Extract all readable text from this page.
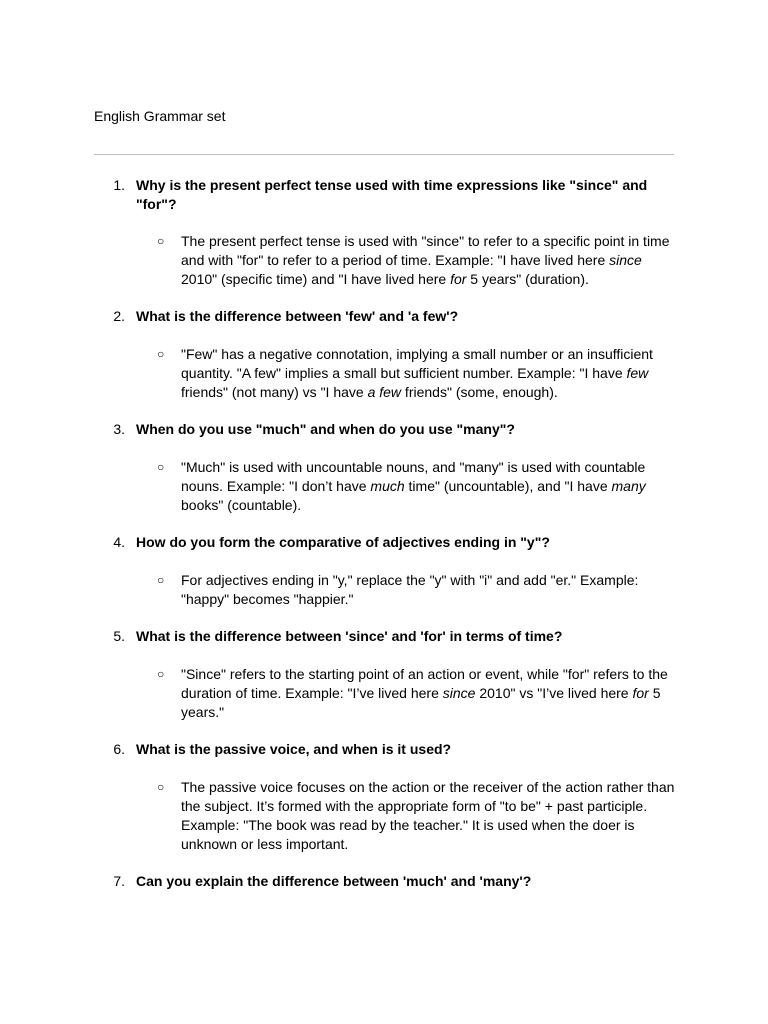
English Grammar set
1. Why is the present perfect tense used with time expressions like "since" and "for"?
○ The present perfect tense is used with "since" to refer to a specific point in time and with "for" to refer to a period of time. Example: "I have lived here since 2010" (specific time) and "I have lived here for 5 years" (duration).
2. What is the difference between 'few' and 'a few'?
○ "Few" has a negative connotation, implying a small number or an insufficient quantity. "A few" implies a small but sufficient number. Example: "I have few friends" (not many) vs "I have a few friends" (some, enough).
3. When do you use "much" and when do you use "many"?
○ "Much" is used with uncountable nouns, and "many" is used with countable nouns. Example: "I don’t have much time" (uncountable), and "I have many books" (countable).
4. How do you form the comparative of adjectives ending in "y"?
○ For adjectives ending in "y," replace the "y" with "i" and add "er." Example: "happy" becomes "happier."
5. What is the difference between 'since' and 'for' in terms of time?
○ "Since" refers to the starting point of an action or event, while "for" refers to the duration of time. Example: "I’ve lived here since 2010" vs "I’ve lived here for 5 years."
6. What is the passive voice, and when is it used?
○ The passive voice focuses on the action or the receiver of the action rather than the subject. It’s formed with the appropriate form of "to be" + past participle. Example: "The book was read by the teacher." It is used when the doer is unknown or less important.
7. Can you explain the difference between 'much' and 'many'?
